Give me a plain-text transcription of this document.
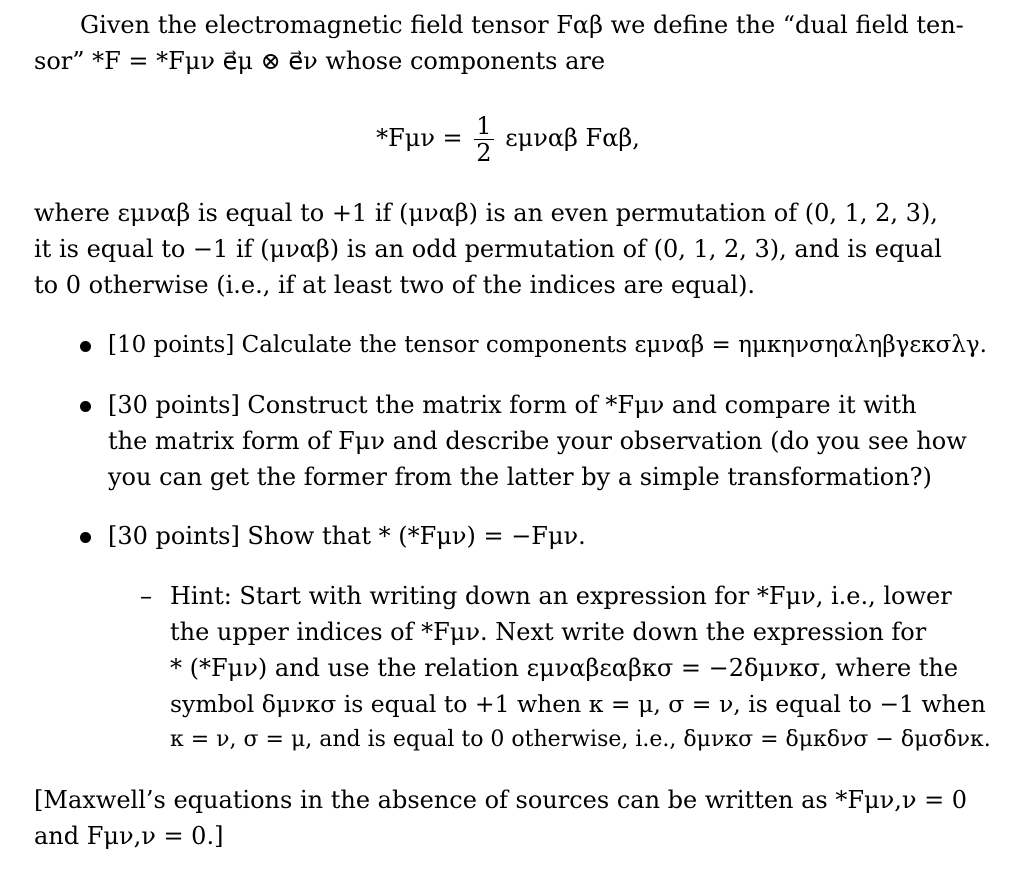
Given the electromagnetic field tensor Fαβ we define the “dual field ten-
sor” *F = *Fμν e⃗μ ⊗ e⃗ν whose components are
$*F\mu\nu = \frac{1}{2}$ εμναβ Fαβ,
where εμναβ is equal to +1 if (μναβ) is an even permutation of (0, 1, 2, 3),
it is equal to −1 if (μναβ) is an odd permutation of (0, 1, 2, 3), and is equal
to 0 otherwise (i.e., if at least two of the indices are equal).
[10 points] Calculate the tensor components εμναβ = ημκηνσηαληβγεκσλγ.
[30 points] Construct the matrix form of *Fμν and compare it with
the matrix form of Fμν and describe your observation (do you see how
you can get the former from the latter by a simple transformation?)
[30 points] Show that * (*Fμν) = −Fμν.
– Hint: Start with writing down an expression for *Fμν, i.e., lower
the upper indices of *Fμν. Next write down the expression for
* (*Fμν) and use the relation εμναβεαβκσ = −2δμνκσ, where the
symbol δμνκσ is equal to +1 when κ = μ, σ = ν, is equal to −1 when
κ = ν, σ = μ, and is equal to 0 otherwise, i.e., δμνκσ = δμκδνσ − δμσδνκ.
[Maxwell’s equations in the absence of sources can be written as *Fμν,ν = 0
and Fμν,ν = 0.]
